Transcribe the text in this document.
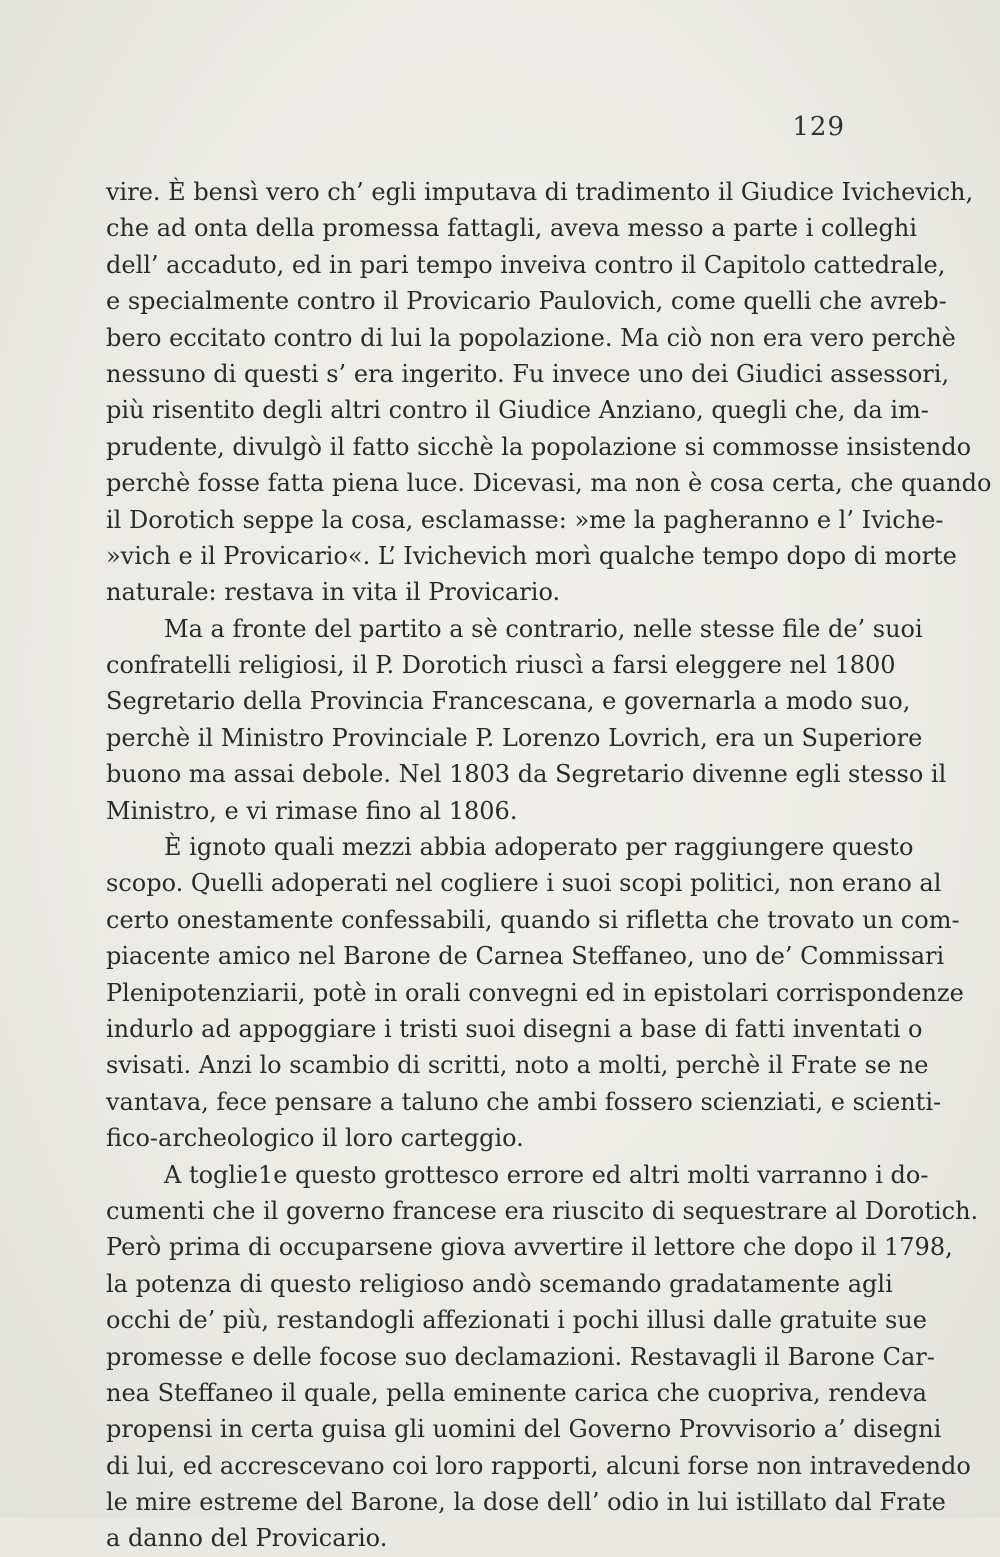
129
vire. È bensì vero ch’ egli imputava di tradimento il Giudice Ivichevich,
che ad onta della promessa fattagli, aveva messo a parte i colleghi
dell’ accaduto, ed in pari tempo inveiva contro il Capitolo cattedrale,
e specialmente contro il Provicario Paulovich, come quelli che avreb-
bero eccitato contro di lui la popolazione. Ma ciò non era vero perchè
nessuno di questi s’ era ingerito. Fu invece uno dei Giudici assessori,
più risentito degli altri contro il Giudice Anziano, quegli che, da im-
prudente, divulgò il fatto sicchè la popolazione si commosse insistendo
perchè fosse fatta piena luce. Dicevasi, ma non è cosa certa, che quando
il Dorotich seppe la cosa, esclamasse: »me la pagheranno e l’ Iviche-
»vich e il Provicario«. L’ Ivichevich morì qualche tempo dopo di morte
naturale: restava in vita il Provicario.
Ma a fronte del partito a sè contrario, nelle stesse file de’ suoi
confratelli religiosi, il P. Dorotich riuscì a farsi eleggere nel 1800
Segretario della Provincia Francescana, e governarla a modo suo,
perchè il Ministro Provinciale P. Lorenzo Lovrich, era un Superiore
buono ma assai debole. Nel 1803 da Segretario divenne egli stesso il
Ministro, e vi rimase fino al 1806.
È ignoto quali mezzi abbia adoperato per raggiungere questo
scopo. Quelli adoperati nel cogliere i suoi scopi politici, non erano al
certo onestamente confessabili, quando si rifletta che trovato un com-
piacente amico nel Barone de Carnea Steffaneo, uno de’ Commissari
Plenipotenziarii, potè in orali convegni ed in epistolari corrispondenze
indurlo ad appoggiare i tristi suoi disegni a base di fatti inventati o
svisati. Anzi lo scambio di scritti, noto a molti, perchè il Frate se ne
vantava, fece pensare a taluno che ambi fossero scienziati, e scienti-
fico-archeologico il loro carteggio.
A toglie1e questo grottesco errore ed altri molti varranno i do-
cumenti che il governo francese era riuscito di sequestrare al Dorotich.
Però prima di occuparsene giova avvertire il lettore che dopo il 1798,
la potenza di questo religioso andò scemando gradatamente agli
occhi de’ più, restandogli affezionati i pochi illusi dalle gratuite sue
promesse e delle focose suo declamazioni. Restavagli il Barone Car-
nea Steffaneo il quale, pella eminente carica che cuopriva, rendeva
propensi in certa guisa gli uomini del Governo Provvisorio a’ disegni
di lui, ed accrescevano coi loro rapporti, alcuni forse non intravedendo
le mire estreme del Barone, la dose dell’ odio in lui istillato dal Frate
a danno del Provicario.
